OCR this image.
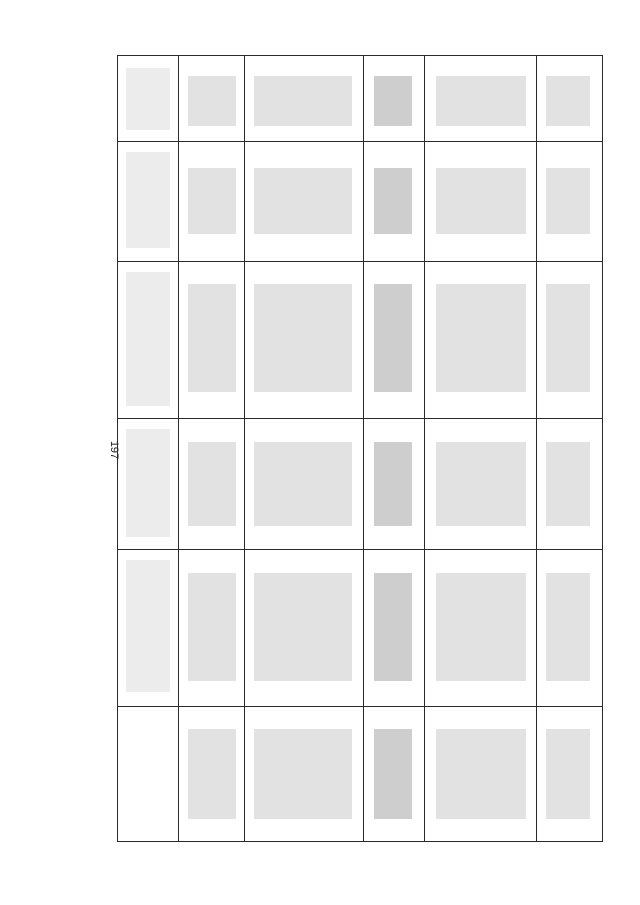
197
